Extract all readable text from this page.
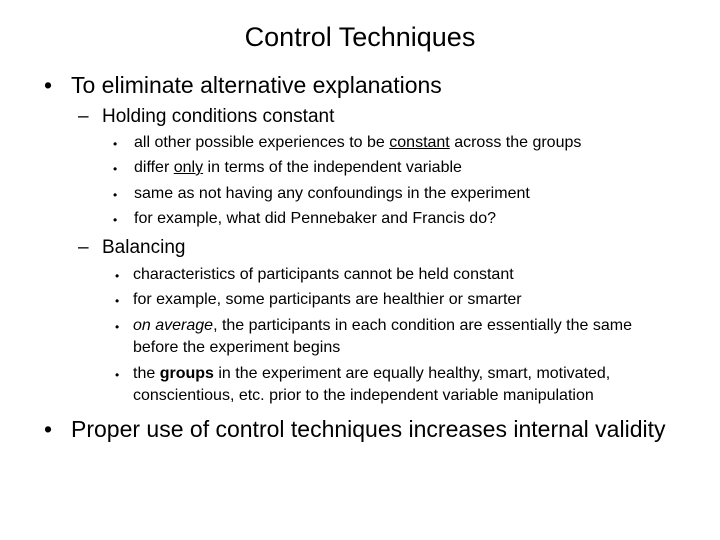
Control Techniques
• To eliminate alternative explanations
– Holding conditions constant
• all other possible experiences to be constant across the groups
• differ only in terms of the independent variable
• same as not having any confoundings in the experiment
• for example, what did Pennebaker and Francis do?
– Balancing
• characteristics of participants cannot be held constant
• for example, some participants are healthier or smarter
• on average, the participants in each condition are essentially the same
before the experiment begins
• the groups in the experiment are equally healthy, smart, motivated,
conscientious, etc. prior to the independent variable manipulation
• Proper use of control techniques increases internal validity
